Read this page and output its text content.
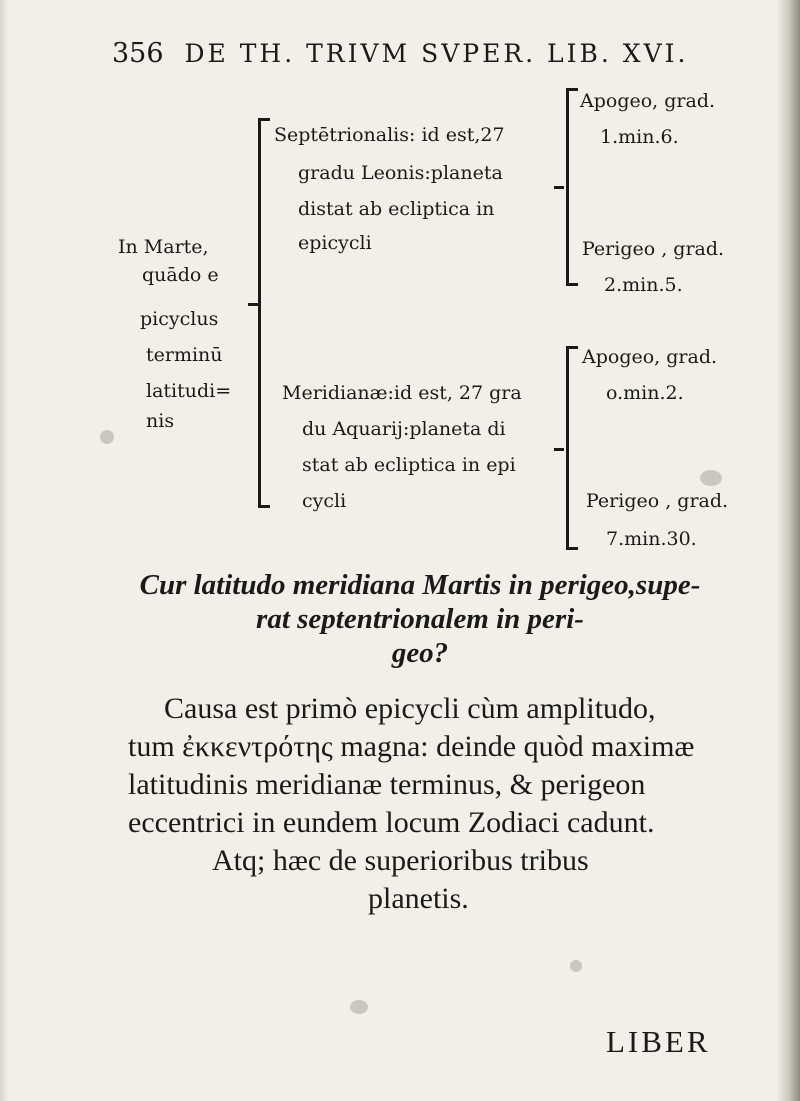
356 DE TH. TRIVM SVPER. LIB. XVI.
In Marte,
quādo e
picyclus
terminū
latitudi=
nis
Septētrionalis: id est,27
gradu Leonis:planeta
distat ab ecliptica in
epicycli
Apogeo, grad.
1.min.6.
Perigeo , grad.
2.min.5.
Meridianæ:id est, 27 gra
du Aquarij:planeta di
stat ab ecliptica in epi
cycli
Apogeo, grad.
o.min.2.
Perigeo , grad.
7.min.30.
Cur latitudo meridiana Martis in perigeo,supe-
rat septentrionalem in peri-
geo?
Causa est primò epicycli cùm amplitudo,
tum ἐκκεντρότης magna: deinde quòd maximæ
latitudinis meridianæ terminus, & perigeon
eccentrici in eundem locum Zodiaci cadunt.
Atq; hæc de superioribus tribus
planetis.
LIBER
